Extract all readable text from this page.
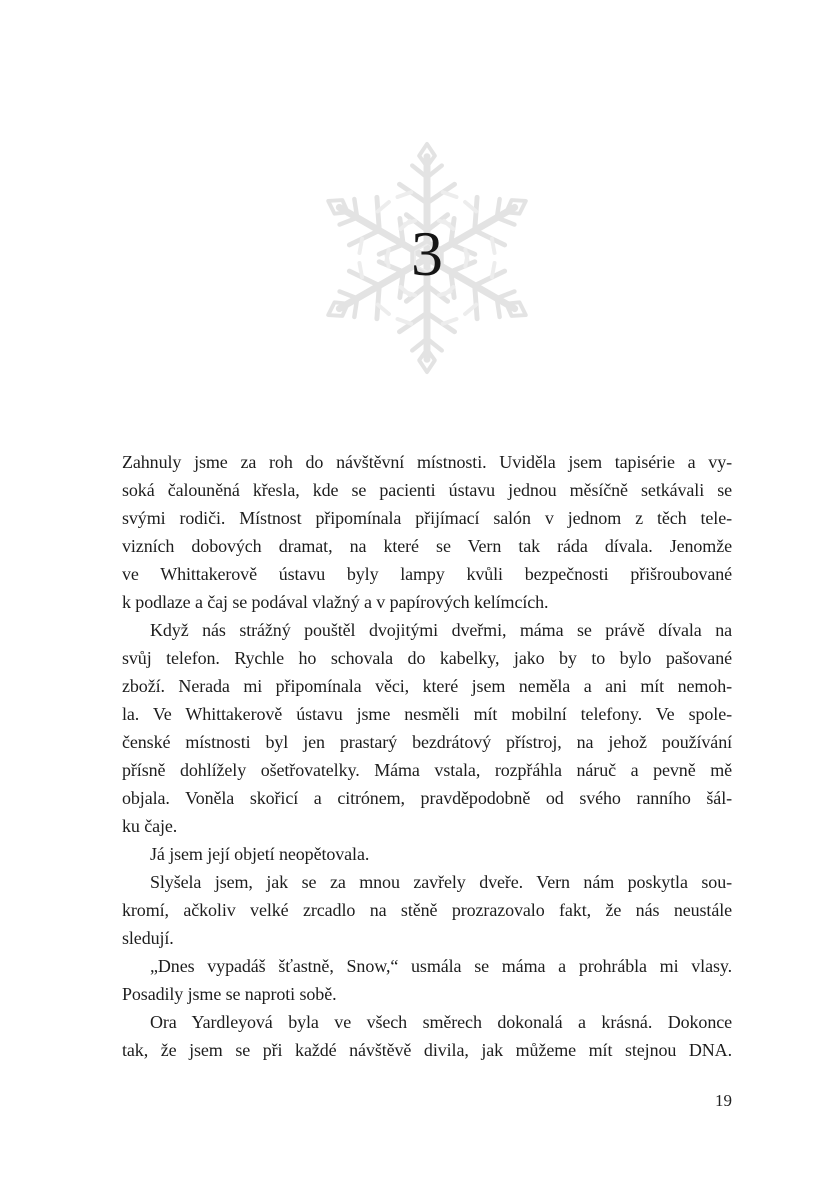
3
Zahnuly jsme za roh do návštěvní místnosti. Uviděla jsem tapisérie a vy-
soká čalouněná křesla, kde se pacienti ústavu jednou měsíčně setkávali se
svými rodiči. Místnost připomínala přijímací salón v jednom z těch tele-
vizních dobových dramat, na které se Vern tak ráda dívala. Jenomže
ve Whittakerově ústavu byly lampy kvůli bezpečnosti přišroubované
k podlaze a čaj se podával vlažný a v papírových kelímcích.
Když nás strážný pouštěl dvojitými dveřmi, máma se právě dívala na
svůj telefon. Rychle ho schovala do kabelky, jako by to bylo pašované
zboží. Nerada mi připomínala věci, které jsem neměla a ani mít nemoh-
la. Ve Whittakerově ústavu jsme nesměli mít mobilní telefony. Ve spole-
čenské místnosti byl jen prastarý bezdrátový přístroj, na jehož používání
přísně dohlížely ošetřovatelky. Máma vstala, rozpřáhla náruč a pevně mě
objala. Voněla skořicí a citrónem, pravděpodobně od svého ranního šál-
ku čaje.
Já jsem její objetí neopětovala.
Slyšela jsem, jak se za mnou zavřely dveře. Vern nám poskytla sou-
kromí, ačkoliv velké zrcadlo na stěně prozrazovalo fakt, že nás neustále
sledují.
„Dnes vypadáš šťastně, Snow,“ usmála se máma a prohrábla mi vlasy.
Posadily jsme se naproti sobě.
Ora Yardleyová byla ve všech směrech dokonalá a krásná. Dokonce
tak, že jsem se při každé návštěvě divila, jak můžeme mít stejnou DNA.
19
